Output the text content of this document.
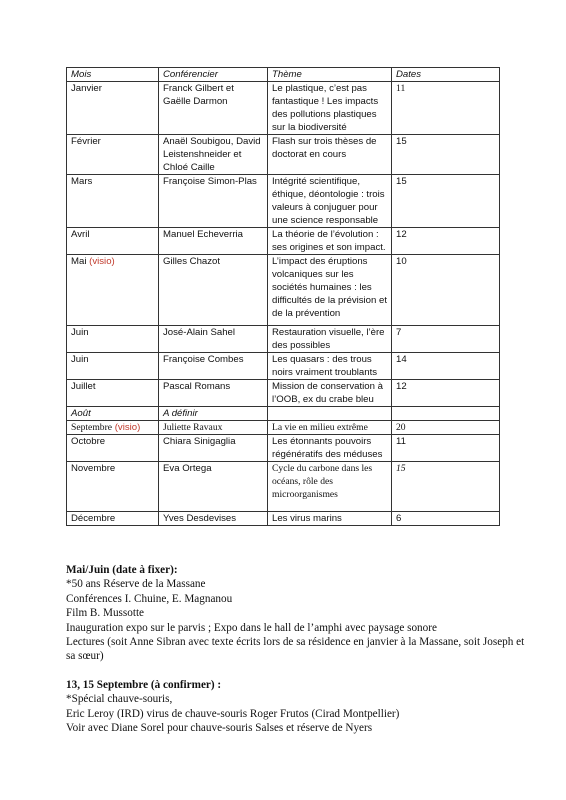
Mois	Conférencier	Thème	Dates
Janvier	Franck Gilbert et Gaëlle Darmon	Le plastique, c’est pas fantastique ! Les impacts des pollutions plastiques sur la biodiversité	11
Février	Anaël Soubigou, David Leistenshneider et Chloé Caille	Flash sur trois thèses de doctorat en cours	15
Mars	Françoise Simon-Plas	Intégrité scientifique, éthique, déontologie : trois valeurs à conjuguer pour une science responsable	15
Avril	Manuel Echeverria	La théorie de l’évolution : ses origines et son impact.	12
Mai (visio)	Gilles Chazot	L’impact des éruptions volcaniques sur les sociétés humaines : les difficultés de la prévision et de la prévention	10
Juin	José-Alain Sahel	Restauration visuelle, l’ère des possibles	7
Juin	Françoise Combes	Les quasars : des trous noirs vraiment troublants	14
Juillet	Pascal Romans	Mission de conservation à l’OOB, ex du crabe bleu	12
Août	A définir		
Septembre (visio)	Juliette Ravaux	La vie en milieu extrême	20
Octobre	Chiara Sinigaglia	Les étonnants pouvoirs régénératifs des méduses	11
Novembre	Eva Ortega	Cycle du carbone dans les océans, rôle des microorganismes	15
Décembre	Yves Desdevises	Les virus marins	6
Mai/Juin (date à fixer):
*50 ans Réserve de la Massane
Conférences I. Chuine, E. Magnanou
Film B. Mussotte
Inauguration expo sur le parvis ; Expo dans le hall de l’amphi avec paysage sonore
Lectures (soit Anne Sibran avec texte écrits lors de sa résidence en janvier à la Massane, soit Joseph et sa sœur)
13, 15 Septembre (à confirmer) :
*Spécial chauve-souris,
Eric Leroy (IRD) virus de chauve-souris Roger Frutos (Cirad Montpellier)
Voir avec Diane Sorel pour chauve-souris Salses et réserve de Nyers
